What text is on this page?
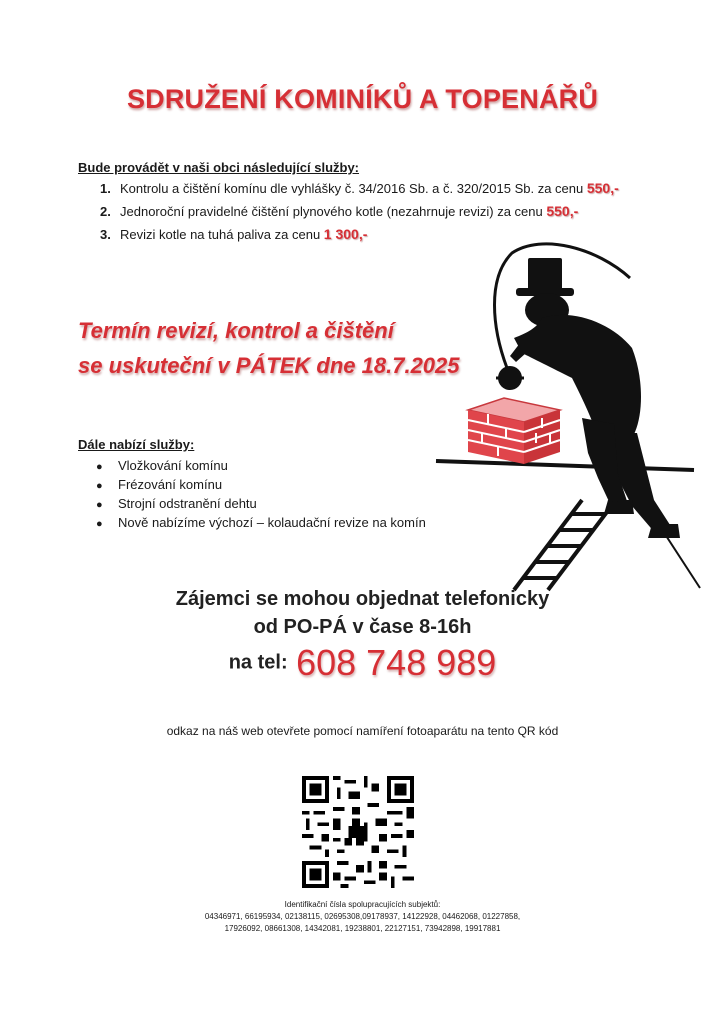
SDRUŽENÍ KOMINÍKŮ A TOPENÁŘŮ
Bude provádět v naši obci následující služby:
1. Kontrolu a čištění komínu dle vyhlášky č. 34/2016 Sb. a č. 320/2015 Sb. za cenu 550,-
2. Jednoroční pravidelné čištění plynového kotle (nezahrnuje revizi) za cenu 550,-
3. Revizi kotle na tuhá paliva za cenu 1 300,-
Termín revizí, kontrol a čištění
se uskuteční v PÁTEK dne 18.7.2025
Dále nabízí služby:
● Vložkování komínu
● Frézování komínu
● Strojní odstranění dehtu
● Nově nabízíme výchozí – kolaudační revize na komín
Zájemci se mohou objednat telefonicky
od PO-PÁ v čase 8-16h
na tel: 608 748 989
odkaz na náš web otevřete pomocí namíření fotoaparátu na tento QR kód
Identifikační čísla spolupracujících subjektů:
04346971, 66195934, 02138115, 02695308,09178937, 14122928, 04462068, 01227858,
17926092, 08661308, 14342081, 19238801, 22127151, 73942898, 19917881
